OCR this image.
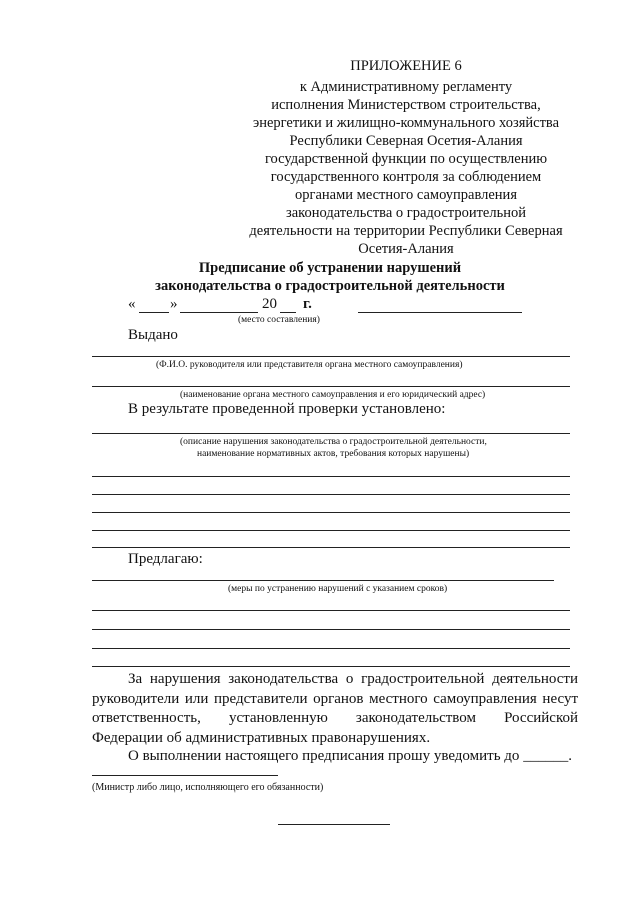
ПРИЛОЖЕНИЕ 6
к Административному регламенту
исполнения Министерством строительства,
энергетики и жилищно-коммунального хозяйства
Республики Северная Осетия-Алания
государственной функции по осуществлению
государственного контроля за соблюдением
органами местного самоуправления
законодательства о градостроительной
деятельности на территории Республики Северная
Осетия-Алания
Предписание об устранении нарушений
законодательства о градостроительной деятельности
« »	20 г.
(место составления)
Выдано
(Ф.И.О. руководителя или представителя органа местного самоуправления)
(наименование органа местного самоуправления и его юридический адрес)
В результате проведенной проверки установлено:
(описание нарушения законодательства о градостроительной деятельности,
наименование нормативных актов, требования которых нарушены)
Предлагаю:
(меры по устранению нарушений с указанием сроков)
За нарушения законодательства о градостроительной деятельности руководители или представители органов местного самоуправления несут ответственность, установленную законодательством Российской Федерации об административных правонарушениях.
О выполнении настоящего предписания прошу уведомить до ______.
(Министр либо лицо, исполняющего его обязанности)
